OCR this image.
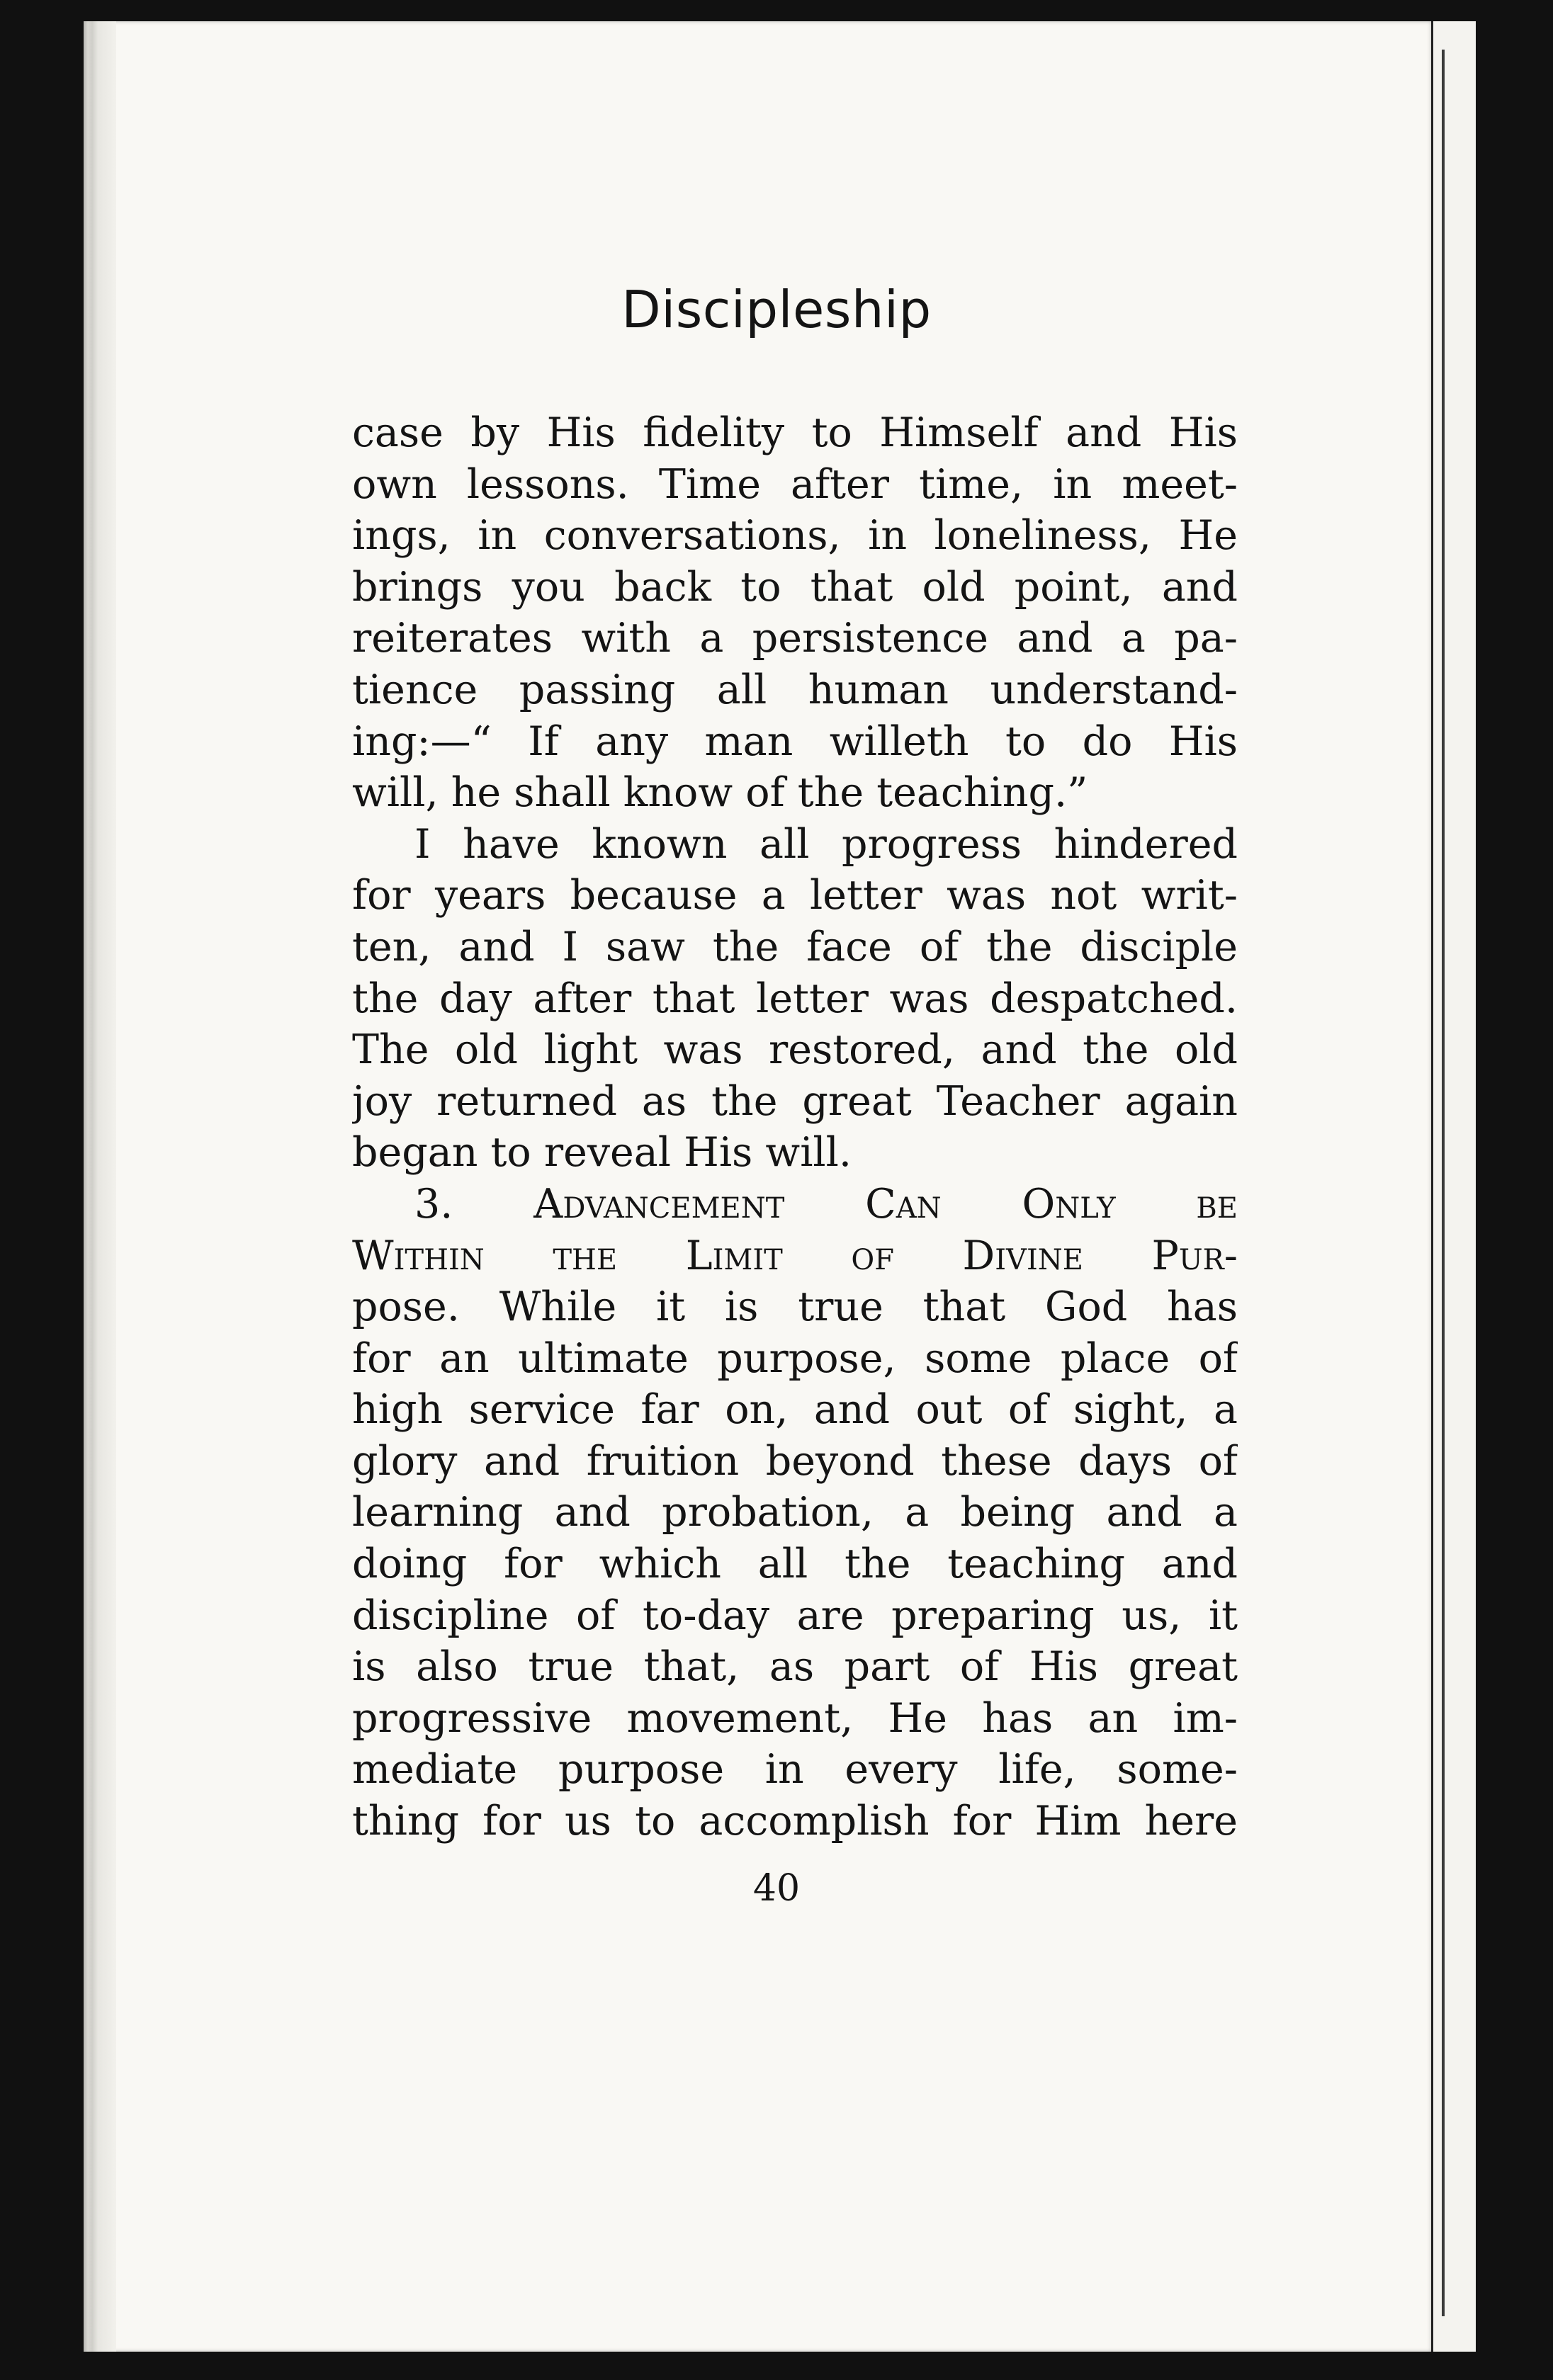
Discipleship
case by His fidelity to Himself and His
own lessons. Time after time, in meet-
ings, in conversations, in loneliness, He
brings you back to that old point, and
reiterates with a persistence and a pa-
tience passing all human understand-
ing:—“ If any man willeth to do His
will, he shall know of the teaching.”
I have known all progress hindered
for years because a letter was not writ-
ten, and I saw the face of the disciple
the day after that letter was despatched.
The old light was restored, and the old
joy returned as the great Teacher again
began to reveal His will.
3. Advancement Can Only be
Within the Limit of Divine Pur-
pose. While it is true that God has
for an ultimate purpose, some place of
high service far on, and out of sight, a
glory and fruition beyond these days of
learning and probation, a being and a
doing for which all the teaching and
discipline of to-day are preparing us, it
is also true that, as part of His great
progressive movement, He has an im-
mediate purpose in every life, some-
thing for us to accomplish for Him here
40
